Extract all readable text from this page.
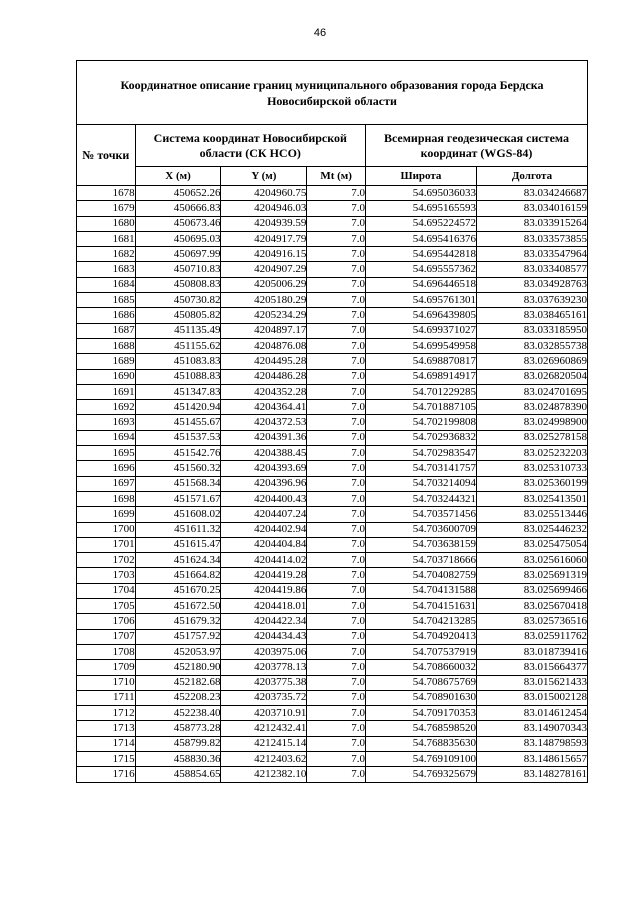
46
Координатное описание границ муниципального образования города Бердска Новосибирской области					
№ точки	Система координат Новосибирской области (СК НСО)			Всемирная геодезическая система координат (WGS-84)	
	X (м)	Y (м)	Mt (м)	Широта	Долгота
1678	450652.26	4204960.75	7.0	54.695036033	83.034246687
1679	450666.83	4204946.03	7.0	54.695165593	83.034016159
1680	450673.46	4204939.59	7.0	54.695224572	83.033915264
1681	450695.03	4204917.79	7.0	54.695416376	83.033573855
1682	450697.99	4204916.15	7.0	54.695442818	83.033547964
1683	450710.83	4204907.29	7.0	54.695557362	83.033408577
1684	450808.83	4205006.29	7.0	54.696446518	83.034928763
1685	450730.82	4205180.29	7.0	54.695761301	83.037639230
1686	450805.82	4205234.29	7.0	54.696439805	83.038465161
1687	451135.49	4204897.17	7.0	54.699371027	83.033185950
1688	451155.62	4204876.08	7.0	54.699549958	83.032855738
1689	451083.83	4204495.28	7.0	54.698870817	83.026960869
1690	451088.83	4204486.28	7.0	54.698914917	83.026820504
1691	451347.83	4204352.28	7.0	54.701229285	83.024701695
1692	451420.94	4204364.41	7.0	54.701887105	83.024878390
1693	451455.67	4204372.53	7.0	54.702199808	83.024998900
1694	451537.53	4204391.36	7.0	54.702936832	83.025278158
1695	451542.76	4204388.45	7.0	54.702983547	83.025232203
1696	451560.32	4204393.69	7.0	54.703141757	83.025310733
1697	451568.34	4204396.96	7.0	54.703214094	83.025360199
1698	451571.67	4204400.43	7.0	54.703244321	83.025413501
1699	451608.02	4204407.24	7.0	54.703571456	83.025513446
1700	451611.32	4204402.94	7.0	54.703600709	83.025446232
1701	451615.47	4204404.84	7.0	54.703638159	83.025475054
1702	451624.34	4204414.02	7.0	54.703718666	83.025616060
1703	451664.82	4204419.28	7.0	54.704082759	83.025691319
1704	451670.25	4204419.86	7.0	54.704131588	83.025699466
1705	451672.50	4204418.01	7.0	54.704151631	83.025670418
1706	451679.32	4204422.34	7.0	54.704213285	83.025736516
1707	451757.92	4204434.43	7.0	54.704920413	83.025911762
1708	452053.97	4203975.06	7.0	54.707537919	83.018739416
1709	452180.90	4203778.13	7.0	54.708660032	83.015664377
1710	452182.68	4203775.38	7.0	54.708675769	83.015621433
1711	452208.23	4203735.72	7.0	54.708901630	83.015002128
1712	452238.40	4203710.91	7.0	54.709170353	83.014612454
1713	458773.28	4212432.41	7.0	54.768598520	83.149070343
1714	458799.82	4212415.14	7.0	54.768835630	83.148798593
1715	458830.36	4212403.62	7.0	54.769109100	83.148615657
1716	458854.65	4212382.10	7.0	54.769325679	83.148278161
